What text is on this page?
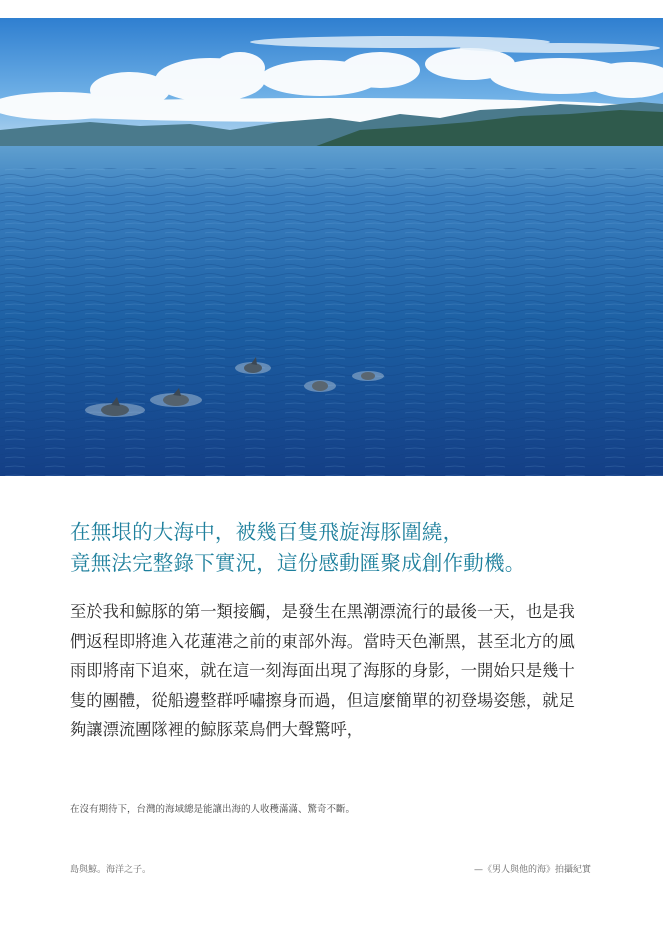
在無垠的大海中，被幾百隻飛旋海豚圍繞，
竟無法完整錄下實況，這份感動匯聚成創作動機。

至於我和鯨豚的第一類接觸，是發生在黑潮漂流行的最後一天，也是我
們返程即將進入花蓮港之前的東部外海。當時天色漸黑，甚至北方的風
雨即將南下追來，就在這一刻海面出現了海豚的身影，一開始只是幾十
隻的團體，從船邊整群呼嘯擦身而過，但這麼簡單的初登場姿態，就足
夠讓漂流團隊裡的鯨豚菜鳥們大聲驚呼，

在沒有期待下，台灣的海域總是能讓出海的人收穫滿滿、驚奇不斷。

島與鯨。海洋之子。	—《男人與他的海》拍攝紀實
